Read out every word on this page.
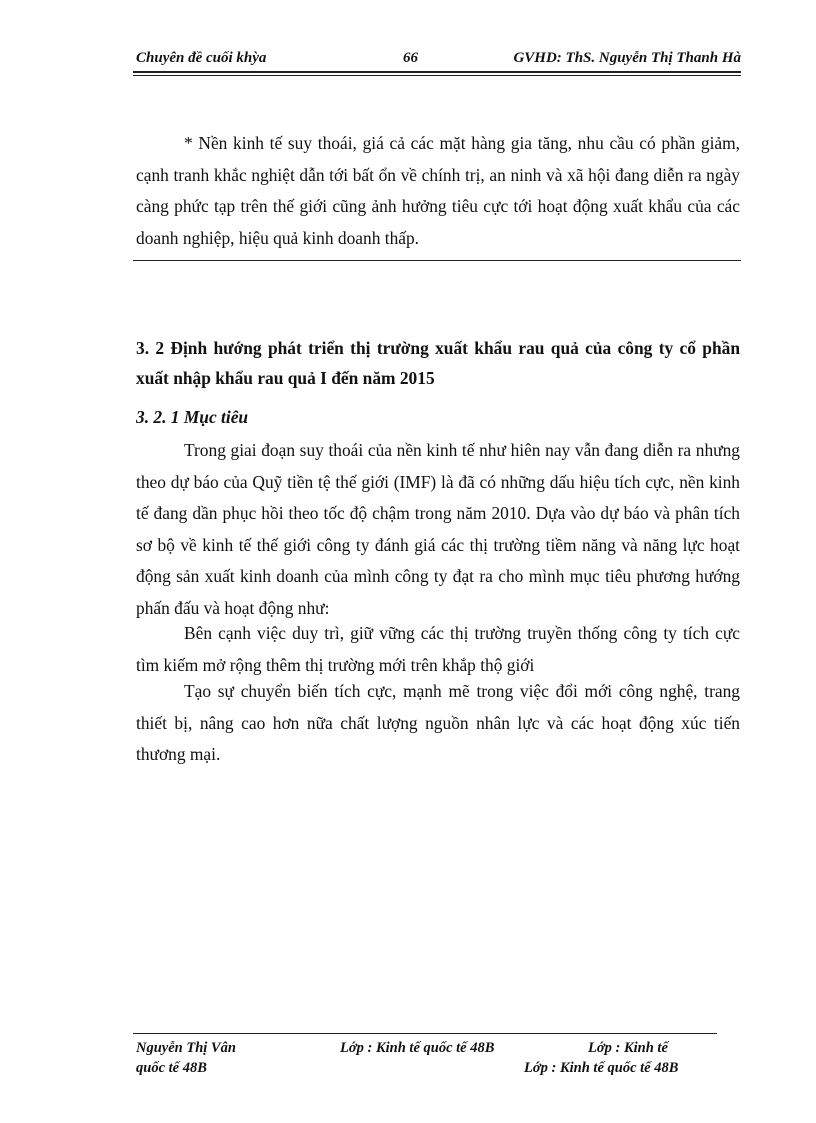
Chuyên đề cuối khỳa	66	GVHD: ThS. Nguyễn Thị Thanh Hà

* Nền kinh tế suy thoái, giá cả các mặt hàng gia tăng, nhu cầu có phần giảm, cạnh tranh khắc nghiệt dẫn tới bất ổn về chính trị, an ninh và xã hội đang diễn ra ngày càng phức tạp trên thế giới cũng ảnh hưởng tiêu cực tới hoạt động xuất khẩu của các doanh nghiệp, hiệu quả kinh doanh thấp.

3. 2 Định hướng phát triển thị trường xuất khẩu rau quả của công ty cổ phần xuất nhập khẩu rau quả I đến năm 2015

3. 2. 1 Mục tiêu

Trong giai đoạn suy thoái của nền kinh tế như hiên nay vẫn đang diễn ra nhưng theo dự báo của Quỹ tiền tệ thế giới (IMF) là đã có những dấu hiệu tích cực, nền kinh tế đang dần phục hồi theo tốc độ chậm trong năm 2010. Dựa vào dự báo và phân tích sơ bộ về kinh tế thế giới công ty đánh giá các thị trường tiềm năng và năng lực hoạt động sản xuất kinh doanh của mình công ty đạt ra cho mình mục tiêu phương hướng phấn đấu và hoạt động như:

Bên cạnh việc duy trì, giữ vững các thị trường truyền thống công ty tích cực tìm kiếm mở rộng thêm thị trường mới trên khắp thộ giới

Tạo sự chuyển biến tích cực, mạnh mẽ trong việc đổi mới công nghệ, trang thiết bị, nâng cao hơn nữa chất lượng nguồn nhân lực và các hoạt động xúc tiến thương mại.

Nguyễn Thị Vân	Lớp : Kinh tế quốc tế 48B	Lớp : Kinh tế
quốc tế 48B	Lớp : Kinh tế quốc tế 48B
